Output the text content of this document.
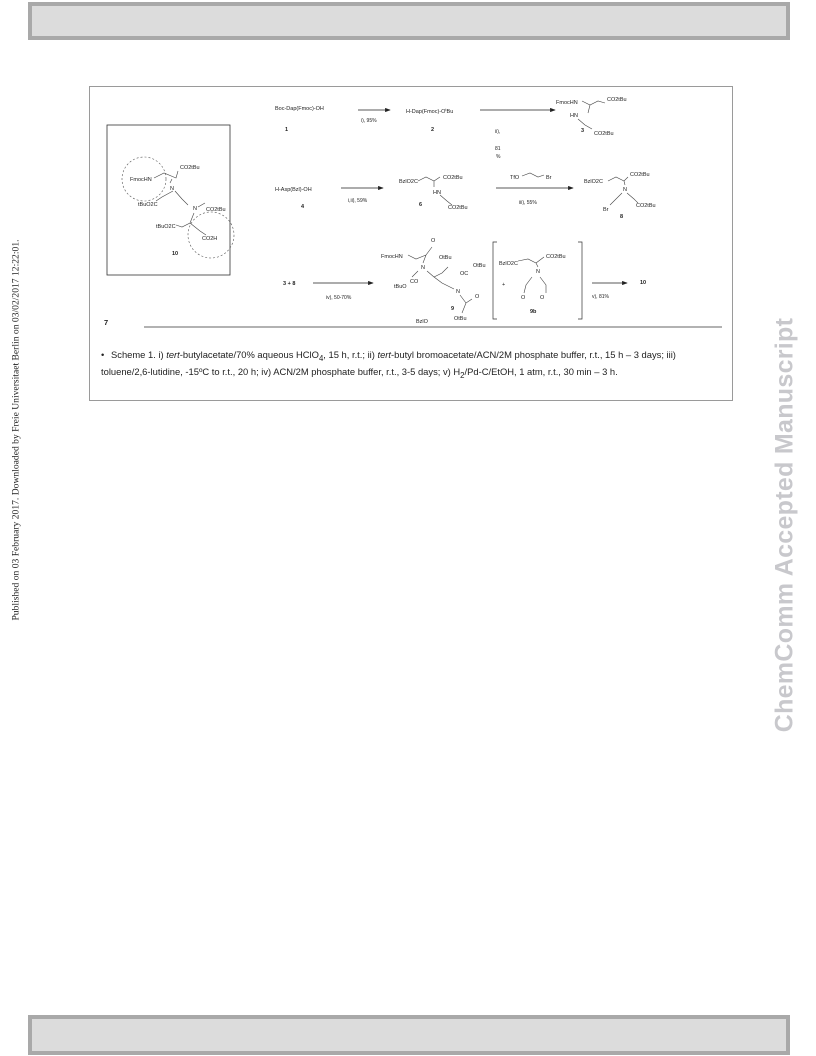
Published on 03 February 2017. Downloaded by Freie Universitaet Berlin on 03/02/2017 12:22:01.	ChemComm Accepted Manuscript
FmocHN
CO2tBu
N
tBuO2C
N CO2tBu
tBuO2C
CO2H
10
Boc-Dap(Fmoc)-OH
1
i), 95%
$H-Dap(Fmoc)-O^tBu$
2	ii),
81
%
FmocHN	CO2tBu
HN
CO2tBu
3
H-Asp(Bzl)-OH
4
i,ii), 59%
BzlO2C
CO2tBu
HN
CO2tBu
6
TfO	Br
iii), 55%
BzlO2C
CO2tBu
N
Br
CO2tBu
8
3 + 8
iv), 50-70%
FmocHN
O
OtBu
N
OC
OtBu
tBuO
CO
N
9
O
BzlO	OtBu
BzlO2C
CO2tBu
+
N
O	O
9b
v), 81%
10
7
• Scheme 1. i) tert-butylacetate/70% aqueous HClO$_4$, 15 h, r.t.; ii) tert-butyl bromoacetate/ACN/2M phosphate buffer, r.t., 15 h – 3 days; iii) toluene/2,6-lutidine, -15ºC to r.t., 20 h; iv) ACN/2M phosphate buffer, r.t., 3-5 days; v) $H_2/Pd-C$/EtOH, 1 atm, r.t., 30 min – 3 h.
